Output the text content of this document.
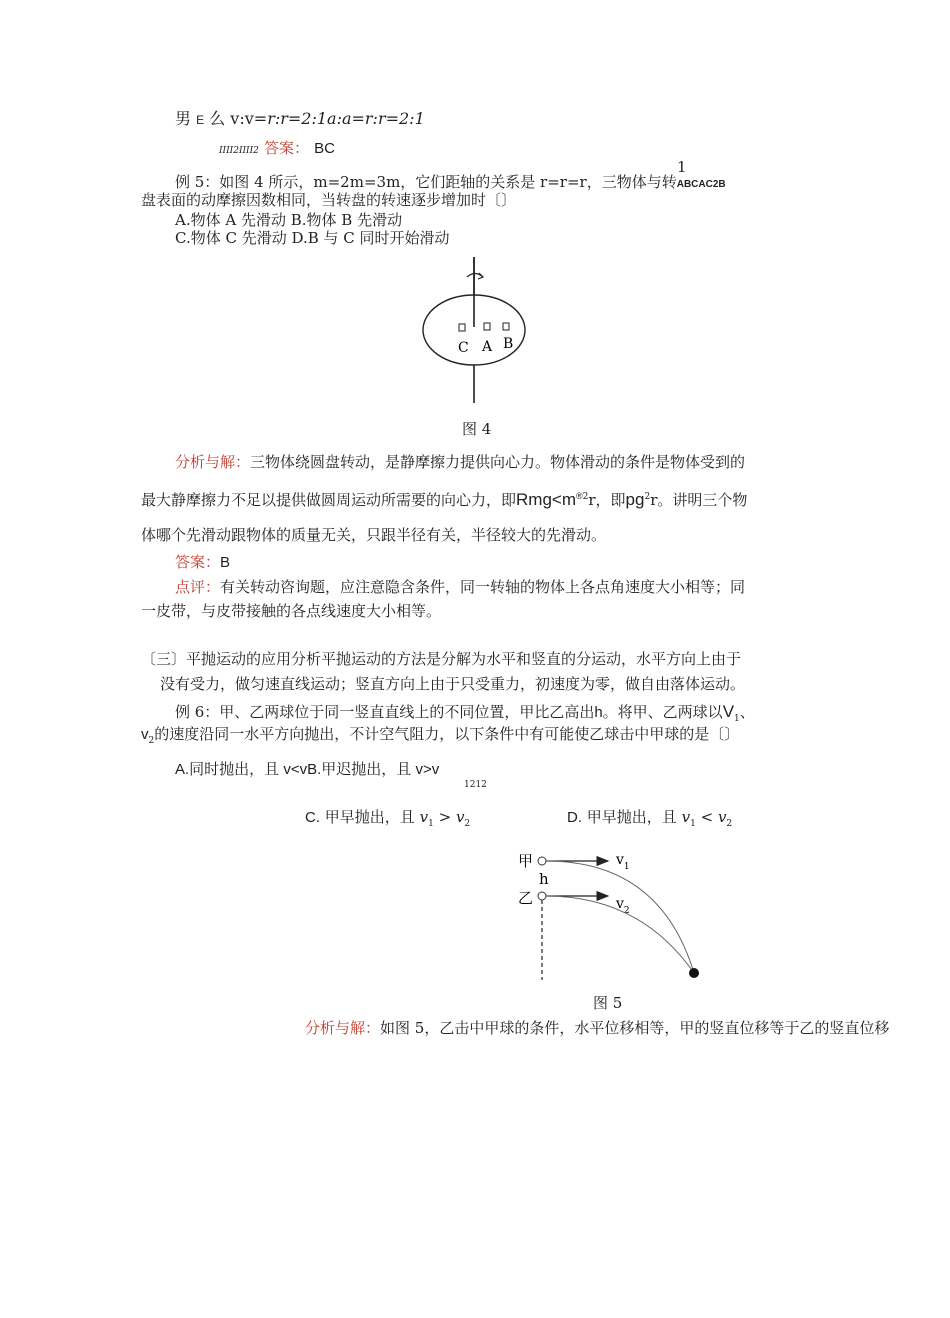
男 E 么 v:v=r:r=2:1a:a=r:r=2:1
IIII2IIII2 答案： BC
1
例 5：如图 4 所示，m=2m=3m，它们距轴的关系是 r=r=r，三物体与转ABCAC2B
盘表面的动摩擦因数相同，当转盘的转速逐步增加时〔〕
A.物体 A 先滑动 B.物体 B 先滑动
C.物体 C 先滑动 D.B 与 C 同时开始滑动
C A B
图 4
分析与解：三物体绕圆盘转动，是静摩擦力提供向心力。物体滑动的条件是物体受到的
最大静摩擦力不足以提供做圆周运动所需要的向心力，即$Rmg<m^{®2}r$，即$pg^2r$。讲明三个物
体哪个先滑动跟物体的质量无关，只跟半径有关，半径较大的先滑动。
答案：B
点评：有关转动咨询题，应注意隐含条件，同一转轴的物体上各点角速度大小相等；同
一皮带，与皮带接触的各点线速度大小相等。
〔三〕平抛运动的应用分析平抛运动的方法是分解为水平和竖直的分运动，水平方向上由于
没有受力，做匀速直线运动；竖直方向上由于只受重力，初速度为零，做自由落体运动。
例 6：甲、乙两球位于同一竖直直线上的不同位置，甲比乙高出h。将甲、乙两球以$V_1$、
$v_2$的速度沿同一水平方向抛出，不计空气阻力，以下条件中有可能使乙球击中甲球的是〔〕
A.同时抛出，且 v<vB.甲迟抛出，且 v>v
1212
C. 甲早抛出，且 $v_1 > v_2$	D. 甲早抛出，且 $v_1 < v_2$
甲	$v_1$
h
乙	$v_2$
图 5
分析与解：如图 5，乙击中甲球的条件，水平位移相等，甲的竖直位移等于乙的竖直位移
